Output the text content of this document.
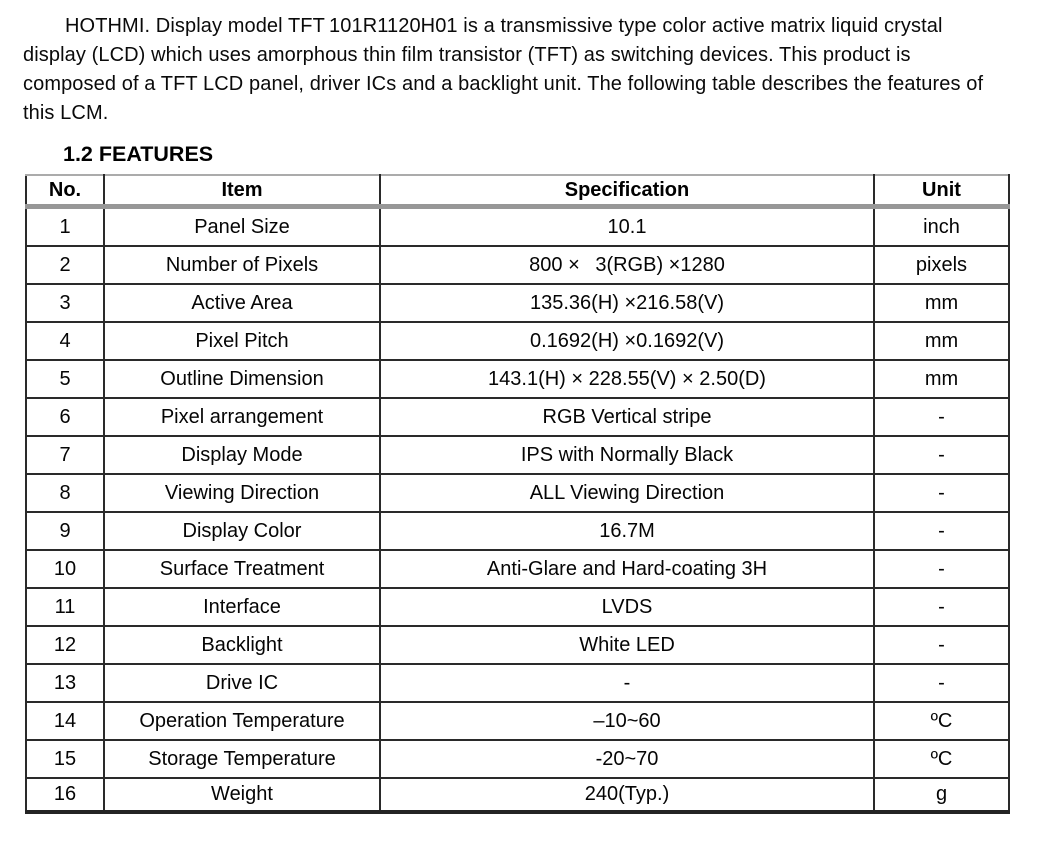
HOTHMI. Display model TFT 101R1120H01 is a transmissive type color active matrix liquid crystal display (LCD) which uses amorphous thin film transistor (TFT) as switching devices. This product is composed of a TFT LCD panel, driver ICs and a backlight unit. The following table describes the features of this LCM.

1.2 FEATURES
No.	Item	Specification	Unit
1	Panel Size	10.1	inch
2	Number of Pixels	800 ×  3(RGB) ×1280	pixels
3	Active Area	135.36(H) ×216.58(V)	mm
4	Pixel Pitch	0.1692(H) ×0.1692(V)	mm
5	Outline Dimension	143.1(H) × 228.55(V) × 2.50(D)	mm
6	Pixel arrangement	RGB Vertical stripe	-
7	Display Mode	IPS with Normally Black	-
8	Viewing Direction	ALL Viewing Direction	-
9	Display Color	16.7M	-
10	Surface Treatment	Anti-Glare and Hard-coating 3H	-
11	Interface	LVDS	-
12	Backlight	White LED	-
13	Drive IC	-	-
14	Operation Temperature	–10~60	ºC
15	Storage Temperature	-20~70	ºC
16	Weight	240(Typ.)	g
